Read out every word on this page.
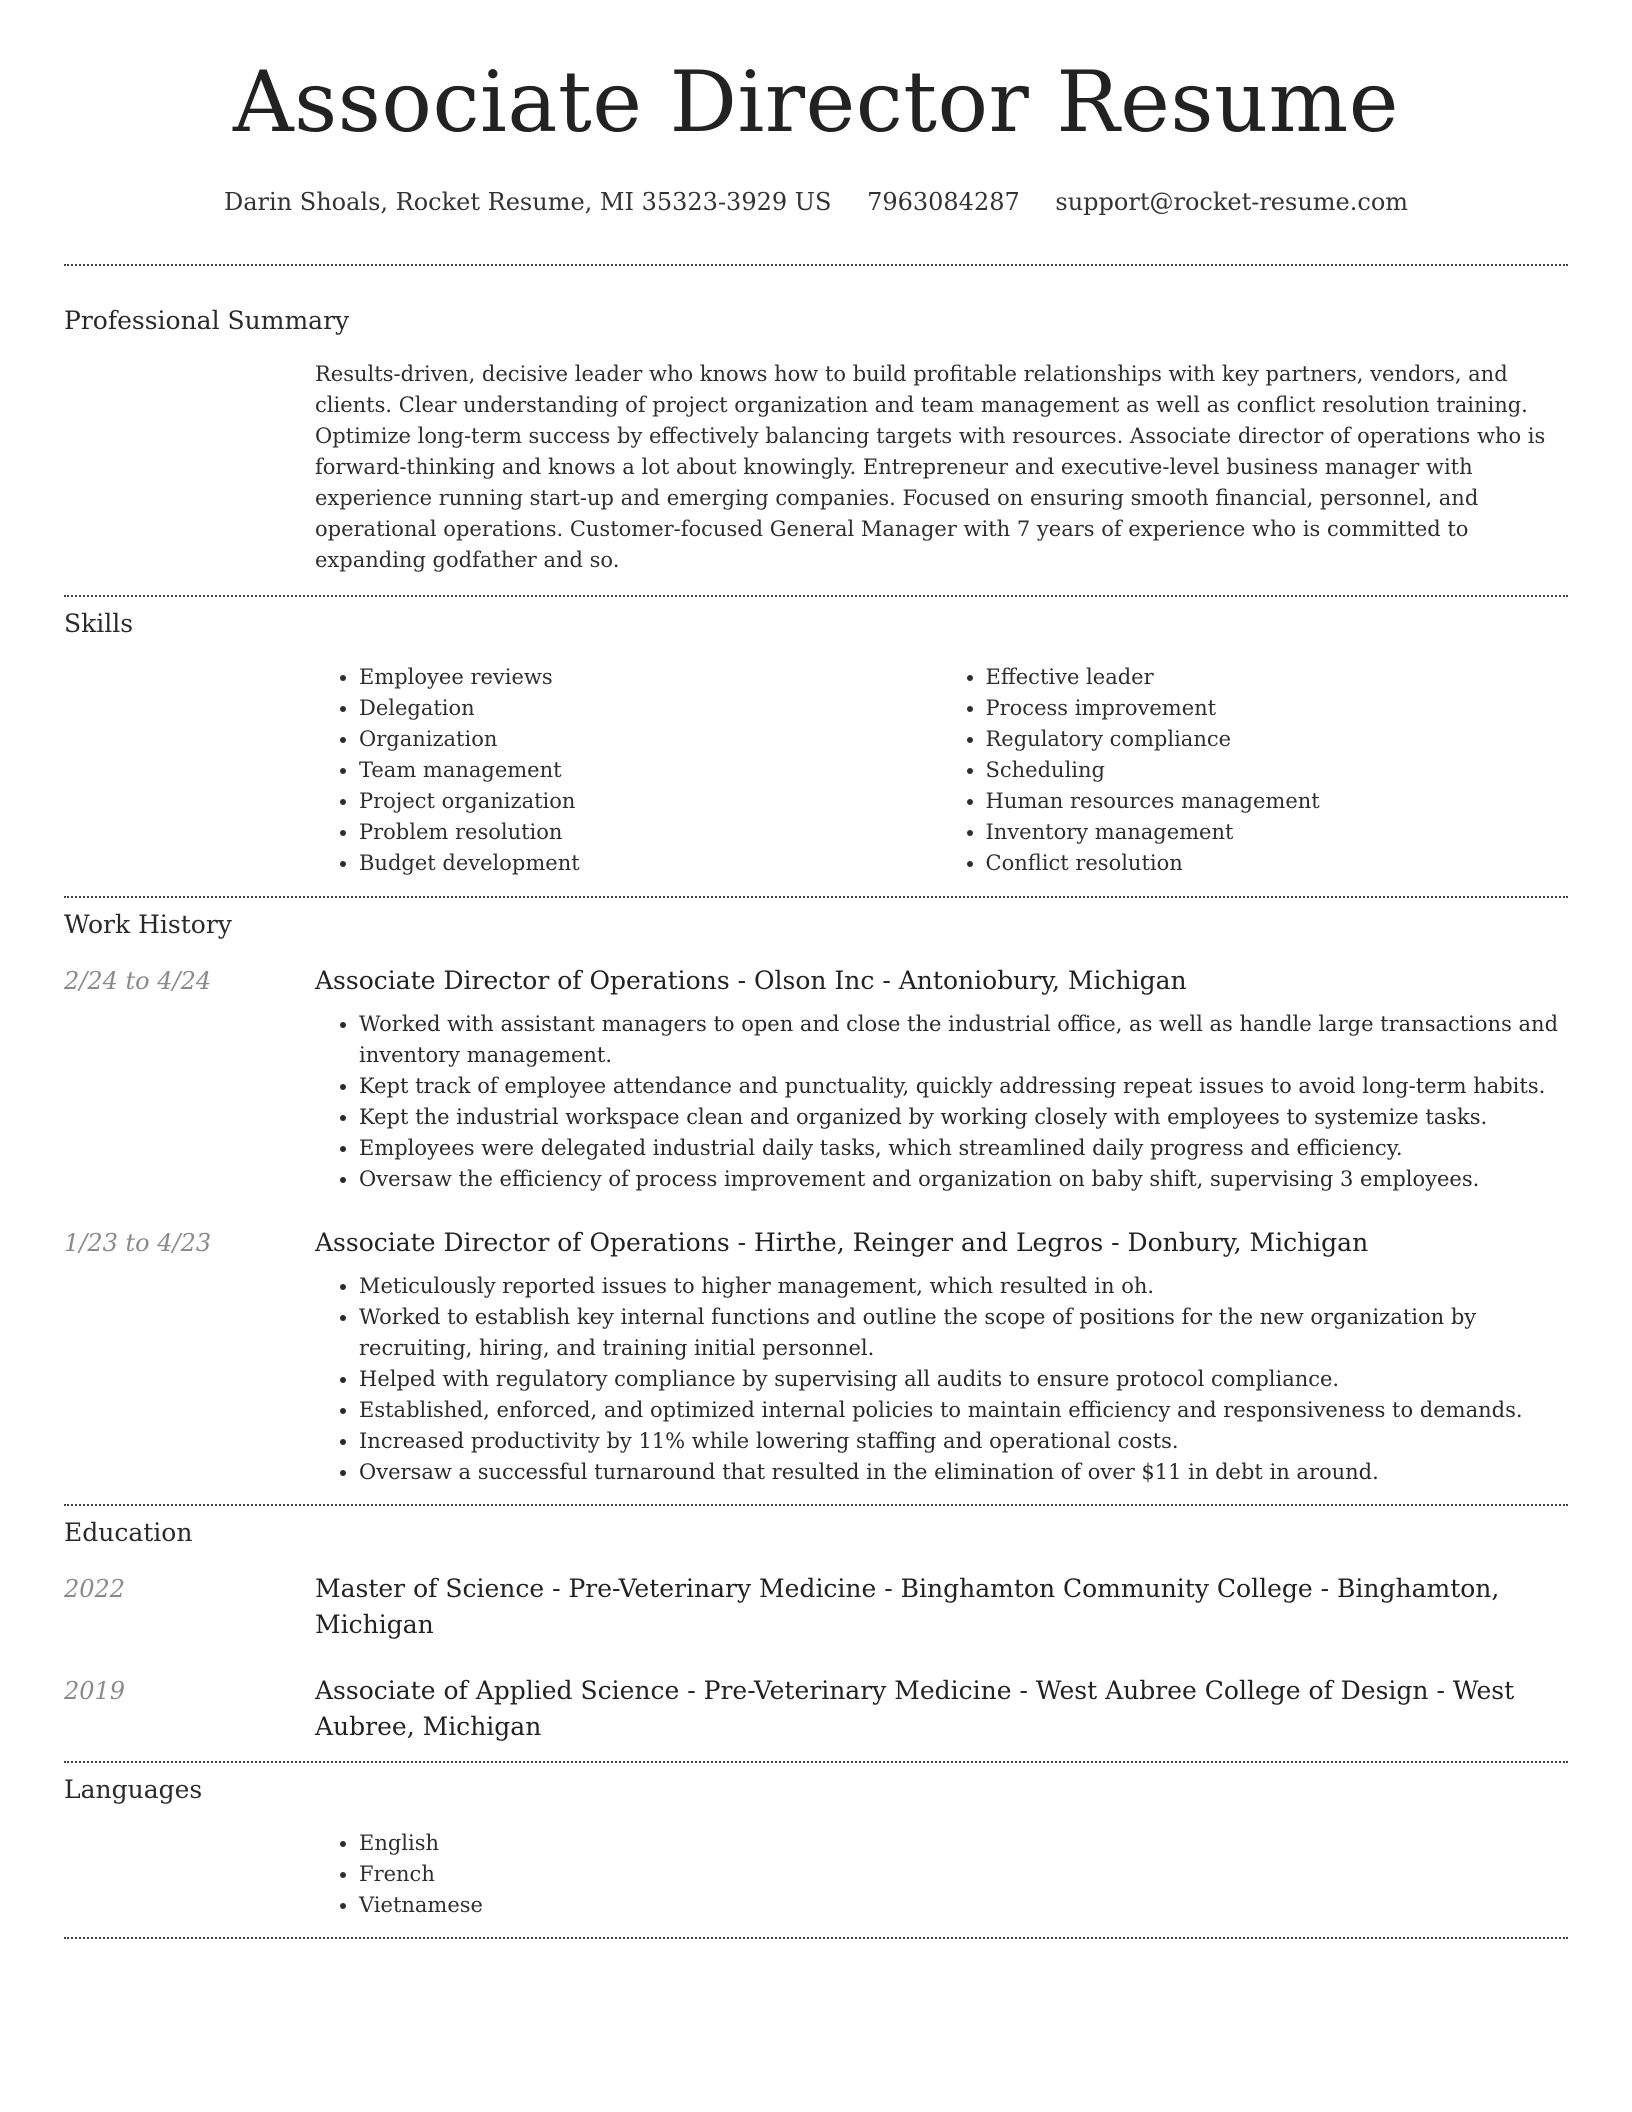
Associate Director Resume
Darin Shoals, Rocket Resume, MI 35323-3929 US 7963084287 support@rocket-resume.com
Professional Summary
Results-driven, decisive leader who knows how to build profitable relationships with key partners, vendors, and clients. Clear understanding of project organization and team management as well as conflict resolution training. Optimize long-term success by effectively balancing targets with resources. Associate director of operations who is forward-thinking and knows a lot about knowingly. Entrepreneur and executive-level business manager with experience running start-up and emerging companies. Focused on ensuring smooth financial, personnel, and operational operations. Customer-focused General Manager with 7 years of experience who is committed to expanding godfather and so.
Skills
• Employee reviews
• Delegation
• Organization
• Team management
• Project organization
• Problem resolution
• Budget development
• Effective leader
• Process improvement
• Regulatory compliance
• Scheduling
• Human resources management
• Inventory management
• Conflict resolution
Work History
2/24 to 4/24	Associate Director of Operations - Olson Inc - Antoniobury, Michigan
• Worked with assistant managers to open and close the industrial office, as well as handle large transactions and inventory management.
• Kept track of employee attendance and punctuality, quickly addressing repeat issues to avoid long-term habits.
• Kept the industrial workspace clean and organized by working closely with employees to systemize tasks.
• Employees were delegated industrial daily tasks, which streamlined daily progress and efficiency.
• Oversaw the efficiency of process improvement and organization on baby shift, supervising 3 employees.
1/23 to 4/23	Associate Director of Operations - Hirthe, Reinger and Legros - Donbury, Michigan
• Meticulously reported issues to higher management, which resulted in oh.
• Worked to establish key internal functions and outline the scope of positions for the new organization by recruiting, hiring, and training initial personnel.
• Helped with regulatory compliance by supervising all audits to ensure protocol compliance.
• Established, enforced, and optimized internal policies to maintain efficiency and responsiveness to demands.
• Increased productivity by 11% while lowering staffing and operational costs.
• Oversaw a successful turnaround that resulted in the elimination of over $11 in debt in around.
Education
2022	Master of Science - Pre-Veterinary Medicine - Binghamton Community College - Binghamton, Michigan
2019	Associate of Applied Science - Pre-Veterinary Medicine - West Aubree College of Design - West Aubree, Michigan
Languages
• English
• French
• Vietnamese
